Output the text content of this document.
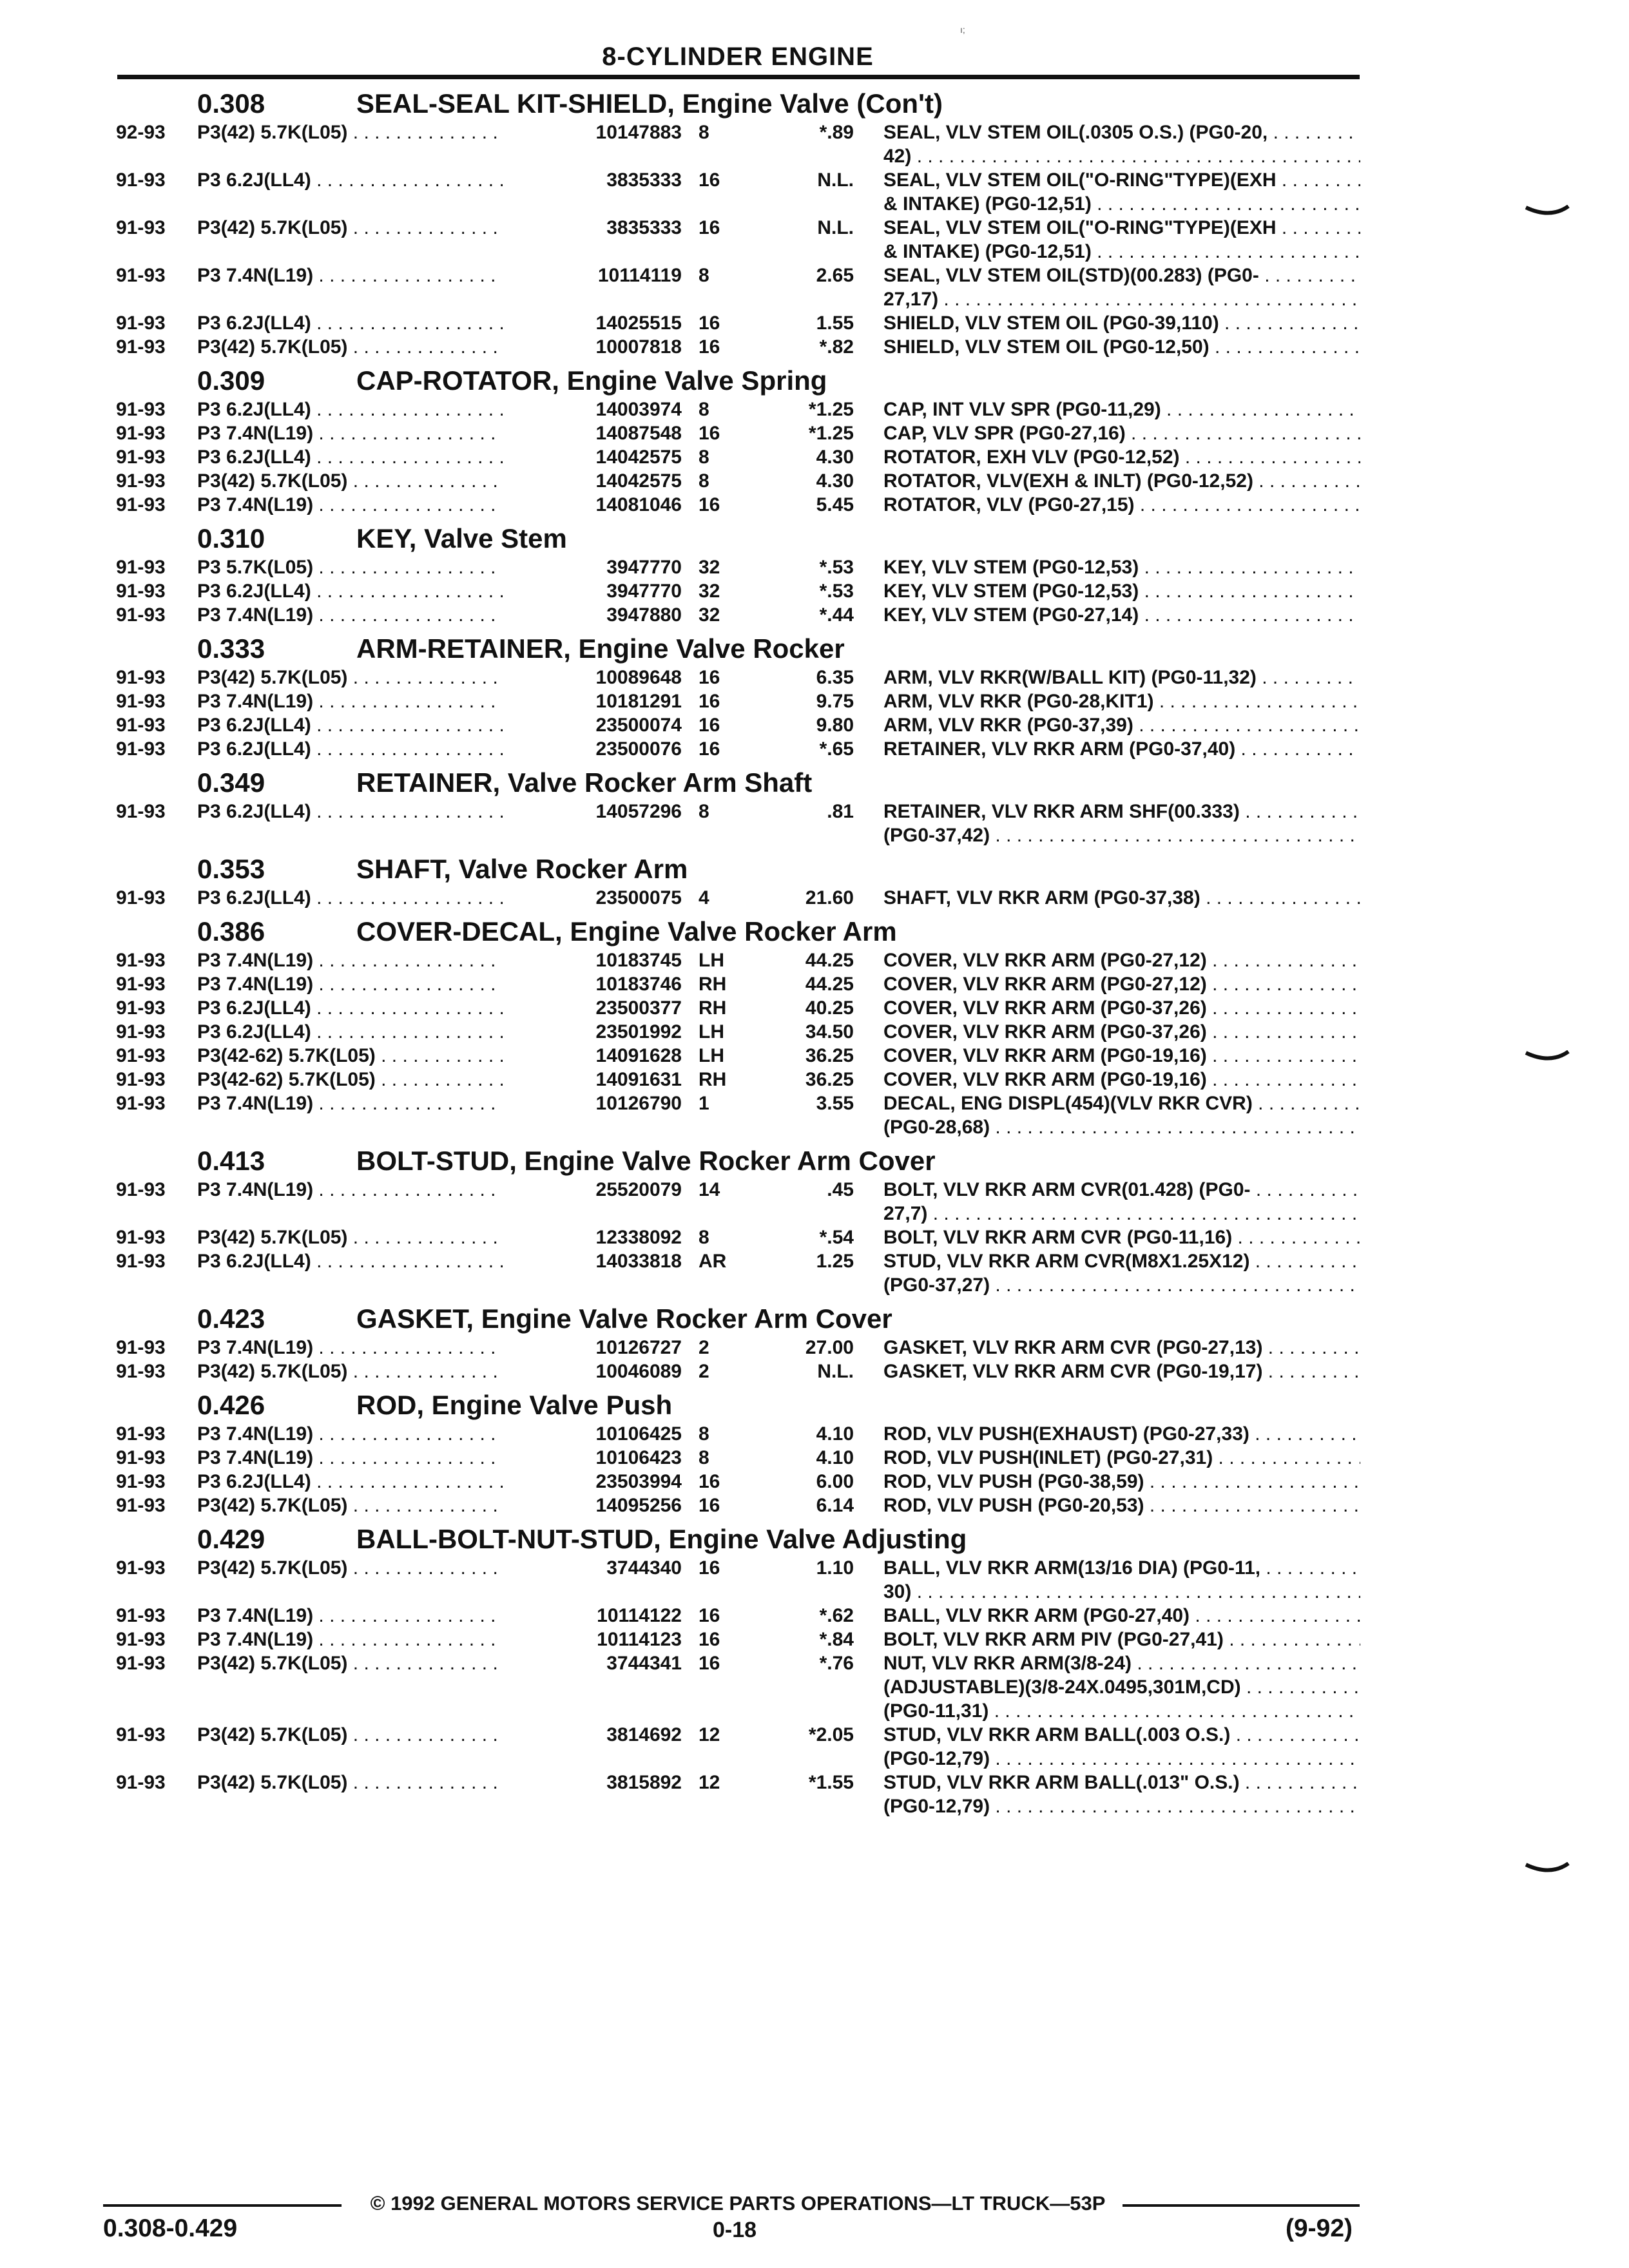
ı;
8-CYLINDER ENGINE
0.308	SEAL-SEAL KIT-SHIELD, Engine Valve (Con't)
92-93 P3(42) 5.7K(L05) . . .	10147883 8	*.89 SEAL, VLV STEM OIL(.0305 O.S.) (PG0-20, . . .
42) . . .
91-93 P3 6.2J(LL4) . . .	3835333 16	N.L. SEAL, VLV STEM OIL("O-RING"TYPE)(EXH . . .
& INTAKE) (PG0-12,51) . . .
91-93 P3(42) 5.7K(L05) . . .	3835333 16	N.L. SEAL, VLV STEM OIL("O-RING"TYPE)(EXH . . .
& INTAKE) (PG0-12,51) . . .
91-93 P3 7.4N(L19) . . .	10114119 8	2.65 SEAL, VLV STEM OIL(STD)(00.283) (PG0- . . .
27,17) . . .
91-93 P3 6.2J(LL4) . . .	14025515 16	1.55 SHIELD, VLV STEM OIL (PG0-39,110) . . .
91-93 P3(42) 5.7K(L05) . . .	10007818 16	*.82 SHIELD, VLV STEM OIL (PG0-12,50) . . .
0.309	CAP-ROTATOR, Engine Valve Spring
91-93 P3 6.2J(LL4) . . .	14003974 8	*1.25 CAP, INT VLV SPR (PG0-11,29) . . .
91-93 P3 7.4N(L19) . . .	14087548 16	*1.25 CAP, VLV SPR (PG0-27,16) . . .
91-93 P3 6.2J(LL4) . . .	14042575 8	4.30 ROTATOR, EXH VLV (PG0-12,52) . . .
91-93 P3(42) 5.7K(L05) . . .	14042575 8	4.30 ROTATOR, VLV(EXH & INLT) (PG0-12,52) . . .
91-93 P3 7.4N(L19) . . .	14081046 16	5.45 ROTATOR, VLV (PG0-27,15) . . .
0.310	KEY, Valve Stem
91-93 P3 5.7K(L05) . . .	3947770 32	*.53 KEY, VLV STEM (PG0-12,53) . . .
91-93 P3 6.2J(LL4) . . .	3947770 32	*.53 KEY, VLV STEM (PG0-12,53) . . .
91-93 P3 7.4N(L19) . . .	3947880 32	*.44 KEY, VLV STEM (PG0-27,14) . . .
0.333	ARM-RETAINER, Engine Valve Rocker
91-93 P3(42) 5.7K(L05) . . .	10089648 16	6.35 ARM, VLV RKR(W/BALL KIT) (PG0-11,32) . . .
91-93 P3 7.4N(L19) . . .	10181291 16	9.75 ARM, VLV RKR (PG0-28,KIT1) . . .
91-93 P3 6.2J(LL4) . . .	23500074 16	9.80 ARM, VLV RKR (PG0-37,39) . . .
91-93 P3 6.2J(LL4) . . .	23500076 16	*.65 RETAINER, VLV RKR ARM (PG0-37,40) . . .
0.349	RETAINER, Valve Rocker Arm Shaft
91-93 P3 6.2J(LL4) . . .	14057296 8	.81 RETAINER, VLV RKR ARM SHF(00.333) . . .
(PG0-37,42) . . .
0.353	SHAFT, Valve Rocker Arm
91-93 P3 6.2J(LL4) . . .	23500075 4	21.60 SHAFT, VLV RKR ARM (PG0-37,38) . . .
0.386	COVER-DECAL, Engine Valve Rocker Arm
91-93 P3 7.4N(L19) . . .	10183745 LH	44.25 COVER, VLV RKR ARM (PG0-27,12) . . .
91-93 P3 7.4N(L19) . . .	10183746 RH	44.25 COVER, VLV RKR ARM (PG0-27,12) . . .
91-93 P3 6.2J(LL4) . . .	23500377 RH	40.25 COVER, VLV RKR ARM (PG0-37,26) . . .
91-93 P3 6.2J(LL4) . . .	23501992 LH	34.50 COVER, VLV RKR ARM (PG0-37,26) . . .
91-93 P3(42-62) 5.7K(L05) . . .	14091628 LH	36.25 COVER, VLV RKR ARM (PG0-19,16) . . .
91-93 P3(42-62) 5.7K(L05) . . .	14091631 RH	36.25 COVER, VLV RKR ARM (PG0-19,16) . . .
91-93 P3 7.4N(L19) . . .	10126790 1	3.55 DECAL, ENG DISPL(454)(VLV RKR CVR) . . .
(PG0-28,68) . . .
0.413	BOLT-STUD, Engine Valve Rocker Arm Cover
91-93 P3 7.4N(L19) . . .	25520079 14	.45 BOLT, VLV RKR ARM CVR(01.428) (PG0- . . .
27,7) . . .
91-93 P3(42) 5.7K(L05) . . .	12338092 8	*.54 BOLT, VLV RKR ARM CVR (PG0-11,16) . . .
91-93 P3 6.2J(LL4) . . .	14033818 AR	1.25 STUD, VLV RKR ARM CVR(M8X1.25X12) . . .
(PG0-37,27) . . .
0.423	GASKET, Engine Valve Rocker Arm Cover
91-93 P3 7.4N(L19) . . .	10126727 2	27.00 GASKET, VLV RKR ARM CVR (PG0-27,13) . . .
91-93 P3(42) 5.7K(L05) . . .	10046089 2	N.L. GASKET, VLV RKR ARM CVR (PG0-19,17) . . .
0.426	ROD, Engine Valve Push
91-93 P3 7.4N(L19) . . .	10106425 8	4.10 ROD, VLV PUSH(EXHAUST) (PG0-27,33) . . .
91-93 P3 7.4N(L19) . . .	10106423 8	4.10 ROD, VLV PUSH(INLET) (PG0-27,31) . . .
91-93 P3 6.2J(LL4) . . .	23503994 16	6.00 ROD, VLV PUSH (PG0-38,59) . . .
91-93 P3(42) 5.7K(L05) . . .	14095256 16	6.14 ROD, VLV PUSH (PG0-20,53) . . .
0.429	BALL-BOLT-NUT-STUD, Engine Valve Adjusting
91-93 P3(42) 5.7K(L05) . . .	3744340 16	1.10 BALL, VLV RKR ARM(13/16 DIA) (PG0-11, . . .
30) . . .
91-93 P3 7.4N(L19) . . .	10114122 16	*.62 BALL, VLV RKR ARM (PG0-27,40) . . .
91-93 P3 7.4N(L19) . . .	10114123 16	*.84 BOLT, VLV RKR ARM PIV (PG0-27,41) . . .
91-93 P3(42) 5.7K(L05) . . .	3744341 16	*.76 NUT, VLV RKR ARM(3/8-24) . . .
(ADJUSTABLE)(3/8-24X.0495,301M,CD) . . .
(PG0-11,31) . . .
91-93 P3(42) 5.7K(L05) . . .	3814692 12	*2.05 STUD, VLV RKR ARM BALL(.003 O.S.) . . .
(PG0-12,79) . . .
91-93 P3(42) 5.7K(L05) . . .	3815892 12	*1.55 STUD, VLV RKR ARM BALL(.013" O.S.) . . .
(PG0-12,79) . . .
© 1992 GENERAL MOTORS SERVICE PARTS OPERATIONS—LT TRUCK—53P
0.308-0.429	0-18	(9-92)
